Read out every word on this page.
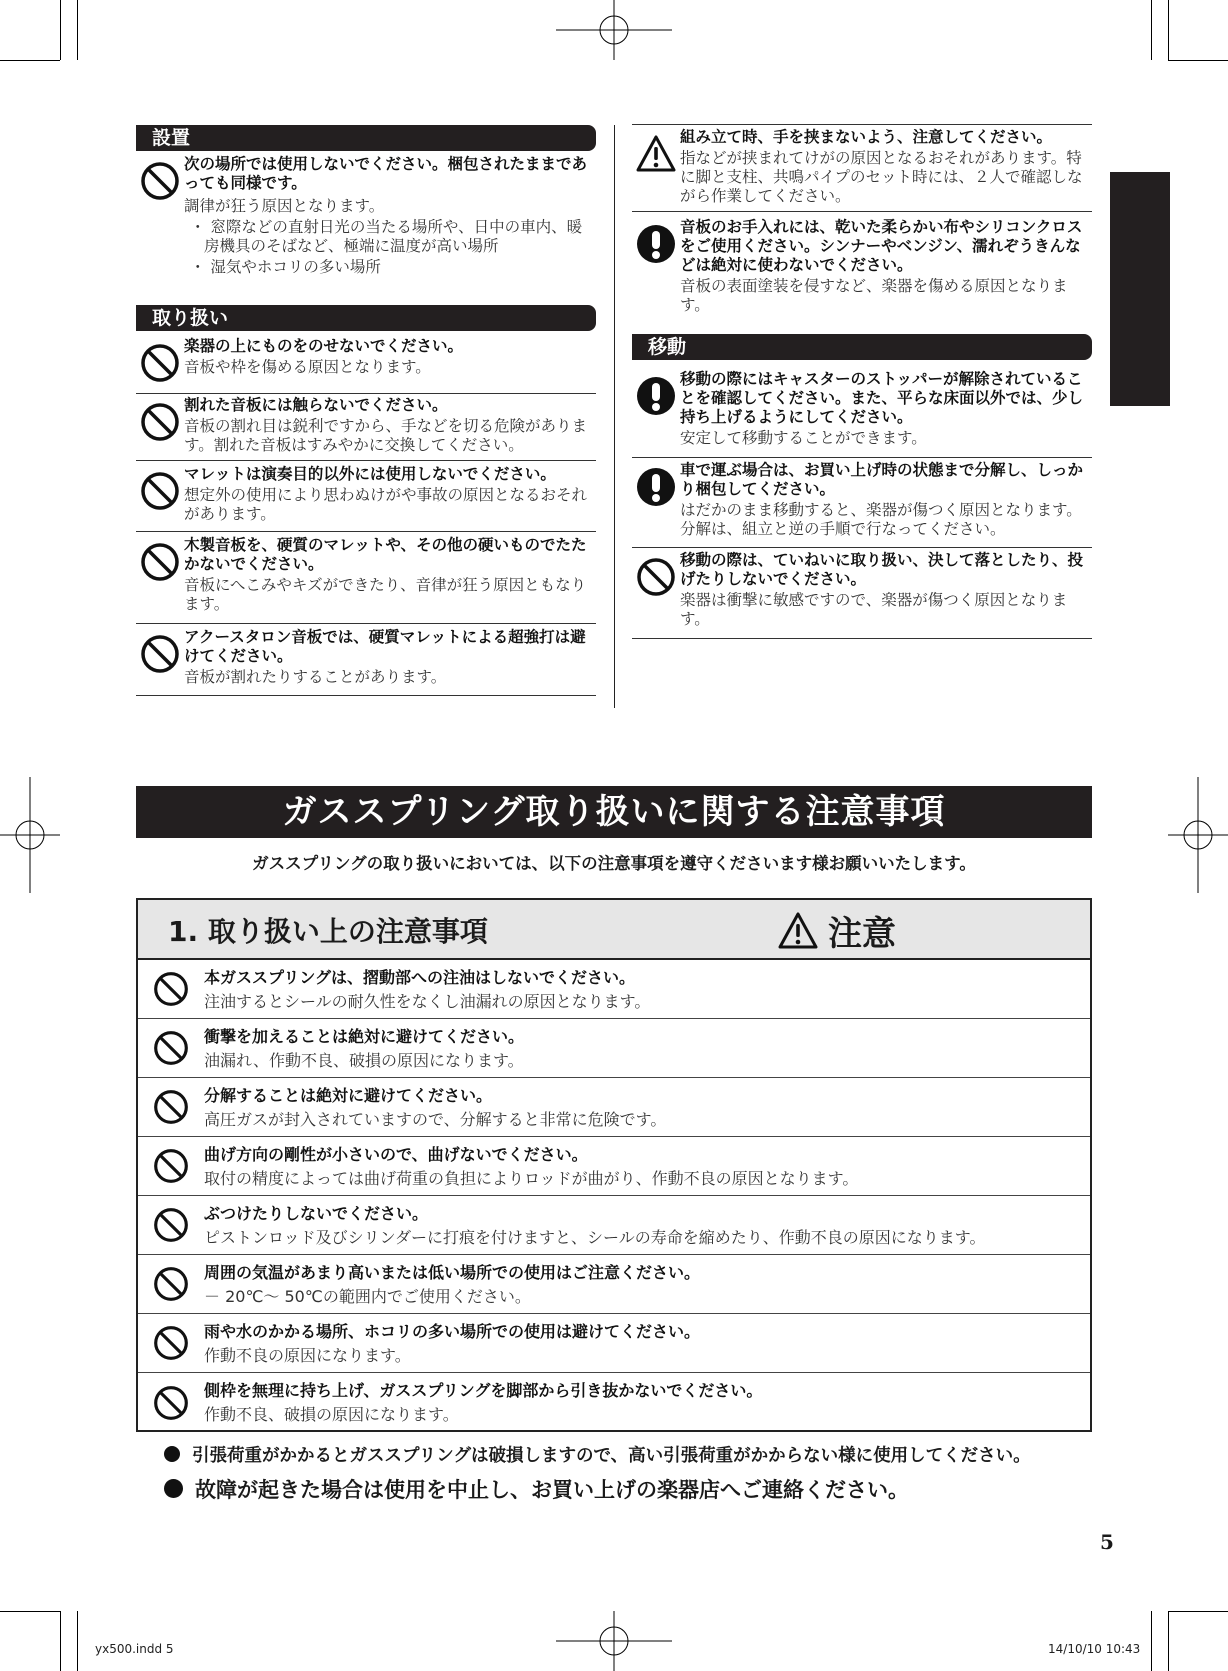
設置
次の場所では使用しないでください。梱包されたままであっても同様です。
調律が狂う原因となります。
・ 窓際などの直射日光の当たる場所や、日中の車内、暖房機具のそばなど、極端に温度が高い場所
・ 湿気やホコリの多い場所
取り扱い
楽器の上にものをのせないでください。
音板や枠を傷める原因となります。
割れた音板には触らないでください。
音板の割れ目は鋭利ですから、手などを切る危険があります。割れた音板はすみやかに交換してください。
マレットは演奏目的以外には使用しないでください。
想定外の使用により思わぬけがや事故の原因となるおそれがあります。
木製音板を、硬質のマレットや、その他の硬いものでたたかないでください。
音板にへこみやキズができたり、音律が狂う原因ともなります。
アクースタロン音板では、硬質マレットによる超強打は避けてください。
音板が割れたりすることがあります。
組み立て時、手を挟まないよう、注意してください。
指などが挟まれてけがの原因となるおそれがあります。特に脚と支柱、共鳴パイプのセット時には、２人で確認しながら作業してください。
音板のお手入れには、乾いた柔らかい布やシリコンクロスをご使用ください。シンナーやベンジン、濡れぞうきんなどは絶対に使わないでください。
音板の表面塗装を侵すなど、楽器を傷める原因となります。
移動
移動の際にはキャスターのストッパーが解除されていることを確認してください。また、平らな床面以外では、少し持ち上げるようにしてください。
安定して移動することができます。
車で運ぶ場合は、お買い上げ時の状態まで分解し、しっかり梱包してください。
はだかのまま移動すると、楽器が傷つく原因となります。分解は、組立と逆の手順で行なってください。
移動の際は、ていねいに取り扱い、決して落としたり、投げたりしないでください。
楽器は衝撃に敏感ですので、楽器が傷つく原因となります。
ガススプリング取り扱いに関する注意事項
ガススプリングの取り扱いにおいては、以下の注意事項を遵守くださいます様お願いいたします。
1. 取り扱い上の注意事項	注意
本ガススプリングは、摺動部への注油はしないでください。
注油するとシールの耐久性をなくし油漏れの原因となります。
衝撃を加えることは絶対に避けてください。
油漏れ、作動不良、破損の原因になります。
分解することは絶対に避けてください。
高圧ガスが封入されていますので、分解すると非常に危険です。
曲げ方向の剛性が小さいので、曲げないでください。
取付の精度によっては曲げ荷重の負担によりロッドが曲がり、作動不良の原因となります。
ぶつけたりしないでください。
ピストンロッド及びシリンダーに打痕を付けますと、シールの寿命を縮めたり、作動不良の原因になります。
周囲の気温があまり高いまたは低い場所での使用はご注意ください。
－ 20℃～ 50℃の範囲内でご使用ください。
雨や水のかかる場所、ホコリの多い場所での使用は避けてください。
作動不良の原因になります。
側枠を無理に持ち上げ、ガススプリングを脚部から引き抜かないでください。
作動不良、破損の原因になります。
引張荷重がかかるとガススプリングは破損しますので、高い引張荷重がかからない様に使用してください。
故障が起きた場合は使用を中止し、お買い上げの楽器店へご連絡ください。
5
yx500.indd 5	14/10/10 10:43
